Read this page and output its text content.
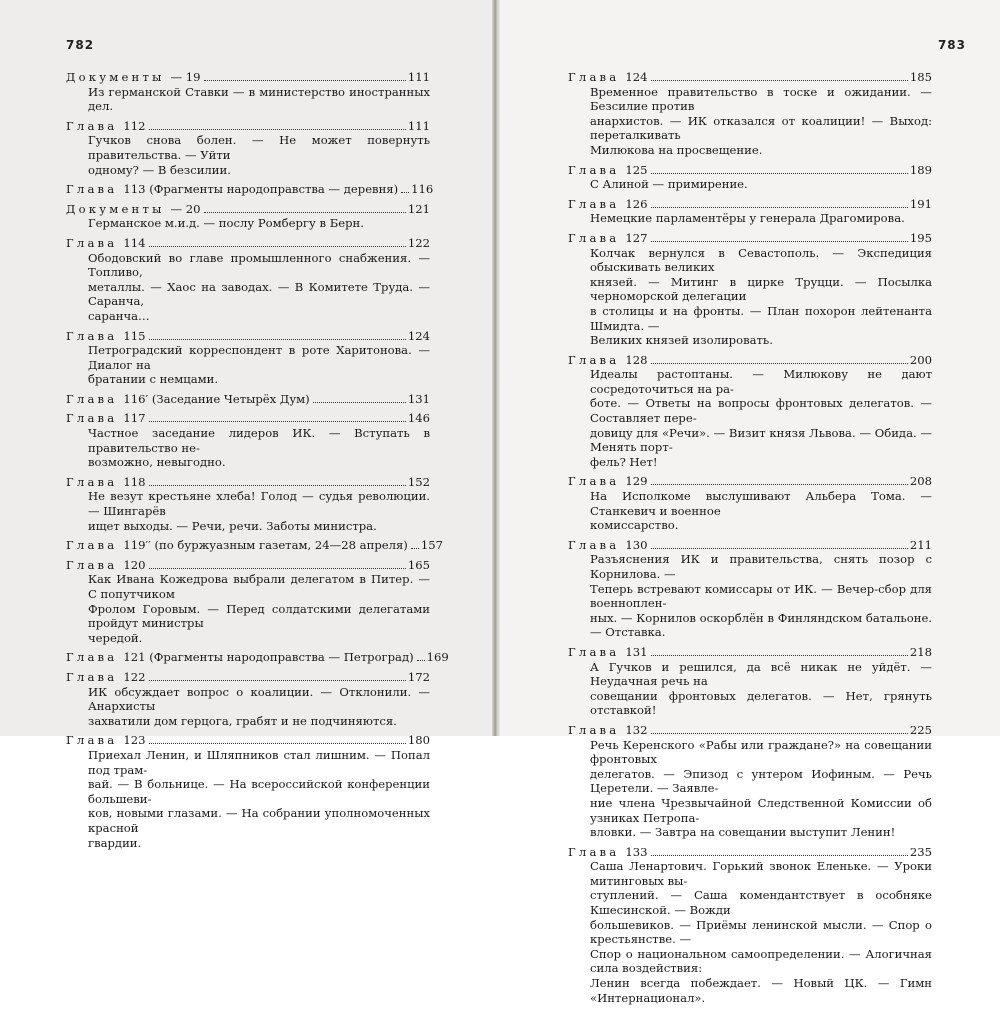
782
Документы — 19	111
Из германской Ставки — в министерство иностранных дел.
Глава 112	111
Гучков снова болен. — Не может повернуть правительства. — Уйти
одному? — В безсилии.
Глава 113 (Фрагменты народоправства — деревня) 116
Документы — 20	121
Германское м.и.д. — послу Ромбергу в Берн.
Глава 114	122
Ободовский во главе промышленного снабжения. — Топливо,
металлы. — Хаос на заводах. — В Комитете Труда. — Саранча,
саранча…
Глава 115	124
Петроградский корреспондент в роте Харитонова. — Диалог на
братании с немцами.
Глава 116′ (Заседание Четырёх Дум)	131
Глава 117	146
Частное заседание лидеров ИК. — Вступать в правительство не-
возможно, невыгодно.
Глава 118	152
Не везут крестьяне хлеба! Голод — судья революции. — Шингарёв
ищет выходы. — Речи, речи. Заботы министра.
Глава 119′′ (по буржуазным газетам, 24—28 апреля) 157
Глава 120	165
Как Ивана Кожедрова выбрали делегатом в Питер. — С попутчиком
Фролом Горовым. — Перед солдатскими делегатами пройдут министры
чередой.
Глава 121 (Фрагменты народоправства — Петроград) 169
Глава 122	172
ИК обсуждает вопрос о коалиции. — Отклонили. — Анархисты
захватили дом герцога, грабят и не подчиняются.
Глава 123	180
Приехал Ленин, и Шляпников стал лишним. — Попал под трам-
вай. — В больнице. — На всероссийской конференции большеви-
ков, новыми глазами. — На собрании уполномоченных красной
гвардии.
783
Глава 124	185
Временное правительство в тоске и ожидании. — Безсилие против
анархистов. — ИК отказался от коалиции! — Выход: переталкивать
Милюкова на просвещение.
Глава 125	189
С Алиной — примирение.
Глава 126	191
Немецкие парламентёры у генерала Драгомирова.
Глава 127	195
Колчак вернулся в Севастополь. — Экспедиция обыскивать великих
князей. — Митинг в цирке Труцци. — Посылка черноморской делегации
в столицы и на фронты. — План похорон лейтенанта Шмидта. —
Великих князей изолировать.
Глава 128	200
Идеалы растоптаны. — Милюкову не дают сосредоточиться на ра-
боте. — Ответы на вопросы фронтовых делегатов. — Составляет пере-
довицу для «Речи». — Визит князя Львова. — Обида. — Менять порт-
фель? Нет!
Глава 129	208
На Исполкоме выслушивают Альбера Тома. — Станкевич и военное
комиссарство.
Глава 130	211
Разъяснения ИК и правительства, снять позор с Корнилова. —
Теперь встревают комиссары от ИК. — Вечер-сбор для военноплен-
ных. — Корнилов оскорблён в Финляндском батальоне. — Отставка.
Глава 131	218
А Гучков и решился, да всё никак не уйдёт. — Неудачная речь на
совещании фронтовых делегатов. — Нет, грянуть отставкой!
Глава 132	225
Речь Керенского «Рабы или граждане?» на совещании фронтовых
делегатов. — Эпизод с унтером Иофиным. — Речь Церетели. — Заявле-
ние члена Чрезвычайной Следственной Комиссии об узниках Петропа-
вловки. — Завтра на совещании выступит Ленин!
Глава 133	235
Саша Ленартович. Горький звонок Еленьке. — Уроки митинговых вы-
ступлений. — Саша комендантствует в особняке Кшесинской. — Вожди
большевиков. — Приёмы ленинской мысли. — Спор о крестьянстве. —
Спор о национальном самоопределении. — Алогичная сила воздействия:
Ленин всегда побеждает. — Новый ЦК. — Гимн «Интернационал».
